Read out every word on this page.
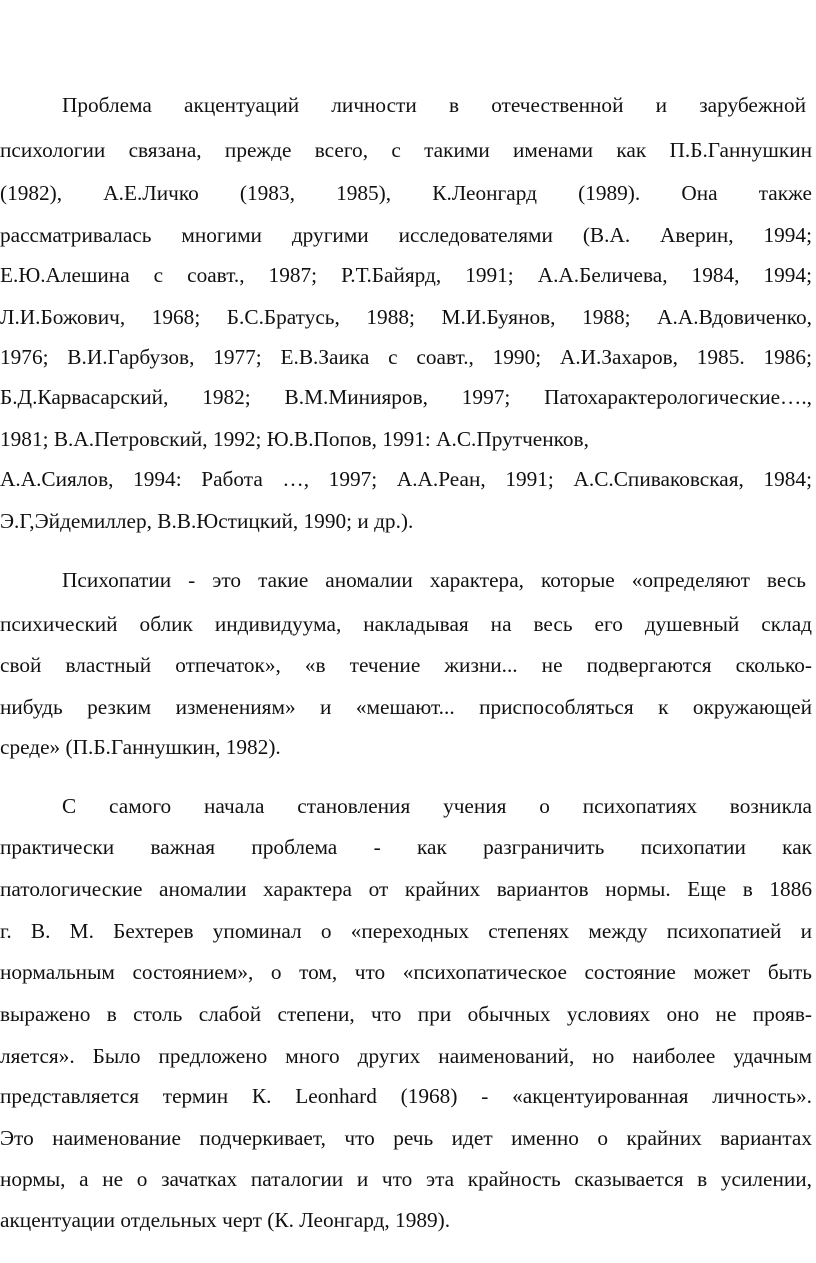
Проблема акцентуаций личности в отечественной и зарубежной
психологии связана, прежде всего, с такими именами как П.Б.Ганнушкин
(1982), А.Е.Личко (1983, 1985), К.Леонгард (1989). Она также
рассматривалась многими другими исследователями (В.А. Аверин, 1994;
Е.Ю.Алешина с соавт., 1987; Р.Т.Байярд, 1991; А.А.Беличева, 1984, 1994;
Л.И.Божович, 1968; Б.С.Братусь, 1988; М.И.Буянов, 1988; А.А.Вдовиченко,
1976; В.И.Гарбузов, 1977; Е.В.Заика с соавт., 1990; А.И.Захаров, 1985. 1986;
Б.Д.Карвасарский, 1982; В.М.Минияров, 1997; Патохарактерологические….,
1981; В.А.Петровский, 1992; Ю.В.Попов, 1991: А.С.Прутченков,
А.А.Сиялов, 1994: Работа …, 1997; А.А.Реан, 1991; А.С.Спиваковская, 1984;
Э.Г,Эйдемиллер, В.В.Юстицкий, 1990; и др.).
Психопатии - это такие аномалии характера, которые «определяют весь
психический облик индивидуума, накладывая на весь его душевный склад
свой властный отпечаток», «в течение жизни... не подвергаются сколько-
нибудь резким изменениям» и «мешают... приспособляться к окружающей
среде» (П.Б.Ганнушкин, 1982).
С самого начала становления учения о психопатиях возникла
практически важная проблема - как разграничить психопатии как
патологические аномалии характера от крайних вариантов нормы. Еще в 1886
г. В. М. Бехтерев упоминал о «переходных степенях между психопатией и
нормальным состоянием», о том, что «психопатическое состояние может быть
выражено в столь слабой степени, что при обычных условиях оно не прояв-
ляется». Было предложено много других наименований, но наиболее удачным
представляется термин К. Leonhard (1968) - «акцентуированная личность».
Это наименование подчеркивает, что речь идет именно о крайних вариантах
нормы, а не о зачатках паталогии и что эта крайность сказывается в усилении,
акцентуации отдельных черт (К. Леонгард, 1989).
